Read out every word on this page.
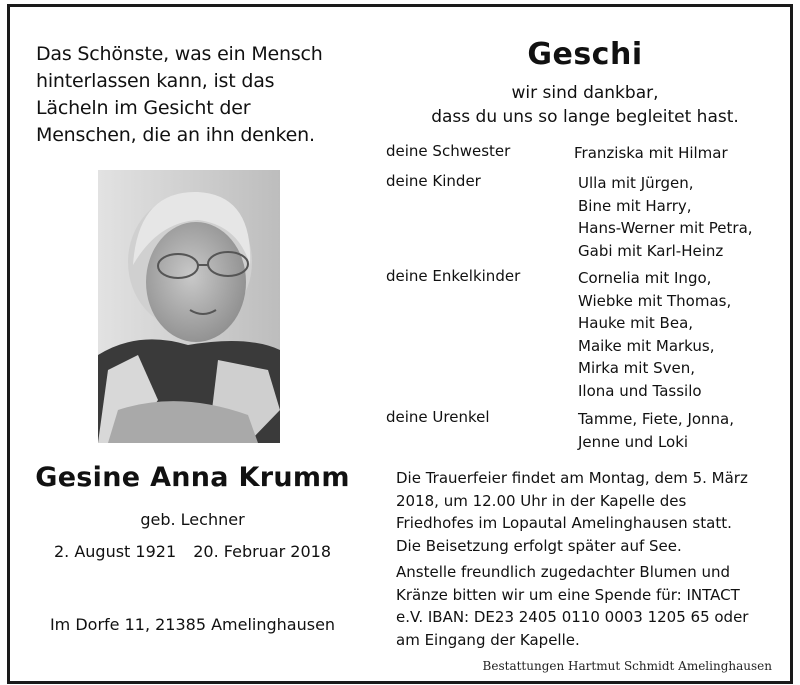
Das Schönste, was ein Mensch
hinterlassen kann, ist das
Lächeln im Gesicht der
Menschen, die an ihn denken.
Geschi
wir sind dankbar,
dass du uns so lange begleitet hast.
deine Schwester	Franziska mit Hilmar
deine Kinder	Ulla mit Jürgen,
Bine mit Harry,
Hans-Werner mit Petra,
Gabi mit Karl-Heinz
deine Enkelkinder	Cornelia mit Ingo,
Wiebke mit Thomas,
Hauke mit Bea,
Maike mit Markus,
Mirka mit Sven,
Ilona und Tassilo
deine Urenkel	Tamme, Fiete, Jonna,
Jenne und Loki
Gesine Anna Krumm
geb. Lechner
2. August 1921 20. Februar 2018
Im Dorfe 11, 21385 Amelinghausen
Die Trauerfeier findet am Montag, dem 5. März
2018, um 12.00 Uhr in der Kapelle des
Friedhofes im Lopautal Amelinghausen statt.
Die Beisetzung erfolgt später auf See.
Anstelle freundlich zugedachter Blumen und
Kränze bitten wir um eine Spende für: INTACT
e.V. IBAN: DE23 2405 0110 0003 1205 65 oder
am Eingang der Kapelle.
Bestattungen Hartmut Schmidt Amelinghausen
